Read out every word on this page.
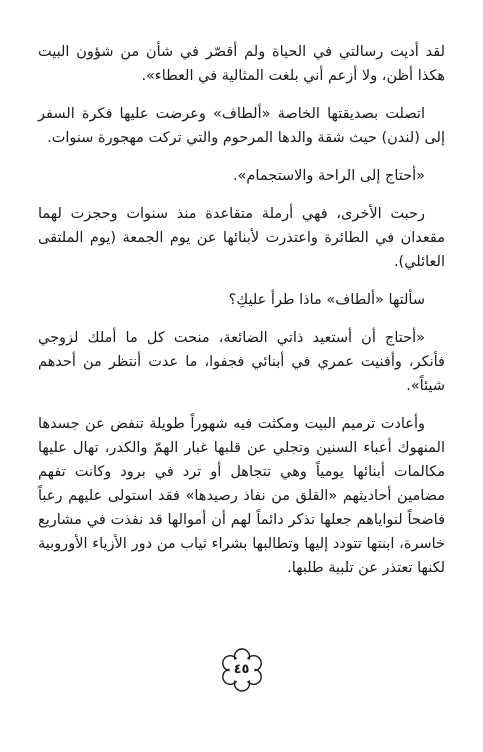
لقد أديت رسالتي في الحياة ولم أقصّر في شأن من شؤون البيت هكذا أظن، ولا أزعم أني بلغت المثالية في العطاء».

اتصلت بصديقتها الخاصة «ألطاف» وعرضت عليها فكرة السفر إلى (لندن) حيث شقة والدها المرحوم والتي تركت مهجورة سنوات.

«أحتاج إلى الراحة والاستجمام».

رحبت الأخرى، فهي أرملة متقاعدة منذ سنوات وحجزت لهما مقعدان في الطائرة واعتذرت لأبنائها عن يوم الجمعة (يوم الملتقى العائلي).

سألتها «ألطاف» ماذا طرأ عليكِ؟

«أحتاج أن أستعيد ذاتي الضائعة، منحت كل ما أملك لزوجي فأنكر، وأفنيت عمري في أبنائي فجفوا، ما عدت أنتظر من أحدهم شيئاً».

وأعادت ترميم البيت ومكثت فيه شهوراً طويلة تنفض عن جسدها المنهوك أعباء السنين وتجلي عن قلبها غبار الهمّ والكدر، تهال عليها مكالمات أبنائها يومياً وهي تتجاهل أو ترد في برود وكانت تفهم مضامين أحاديثهم «القلق من نفاذ رصيدها» فقد استولى عليهم رعباً فاضحاً لنواياهم جعلها تذكر دائماً لهم أن أموالها قد نفذت في مشاريع خاسرة، ابنتها تتودد إليها وتطالبها بشراء ثياب من دور الأزياء الأوروبية لكنها تعتذر عن تلبية طلبها.

٤٥
